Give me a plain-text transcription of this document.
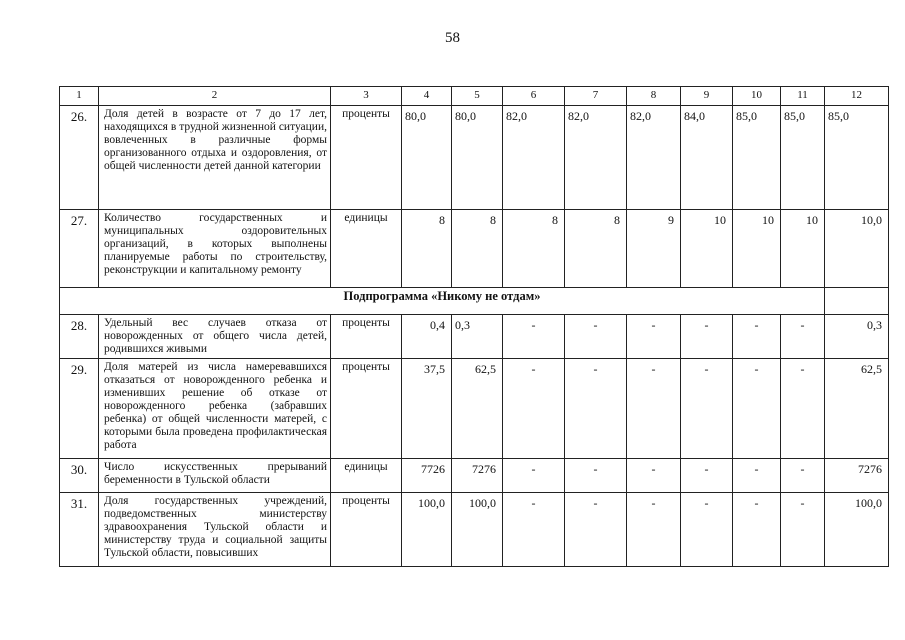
58
1	2	3	4	5	6	7	8	9	10	11	12
26.	Доля детей в возрасте от 7 до 17 лет, находящихся в трудной жизненной ситуации, вовлеченных в различные формы организованного отдыха и оздоровления, от общей численности детей данной категории	проценты	80,0	80,0	82,0	82,0	82,0	84,0	85,0	85,0	85,0
27.	Количество государственных и муниципальных оздоровительных организаций, в которых выполнены планируемые работы по строительству, реконструкции и капитальному ремонту	единицы	8	8	8	8	9	10	10	10	10,0
Подпрограмма «Никому не отдам»											
28.	Удельный вес случаев отказа от новорожденных от общего числа детей, родившихся живыми	проценты	0,4	0,3	-	-	-	-	-	-	0,3
29.	Доля матерей из числа намеревавшихся отказаться от новорожденного ребенка и изменивших решение об отказе от новорожденного ребенка (забравших ребенка) от общей численности матерей, с которыми была проведена профилактическая работа	проценты	37,5	62,5	-	-	-	-	-	-	62,5
30.	Число искусственных прерываний беременности в Тульской области	единицы	7726	7276	-	-	-	-	-	-	7276
31.	Доля государственных учреждений, подведомственных министерству здравоохранения Тульской области и министерству труда и социальной защиты Тульской области, повысивших	проценты	100,0	100,0	-	-	-	-	-	-	100,0
